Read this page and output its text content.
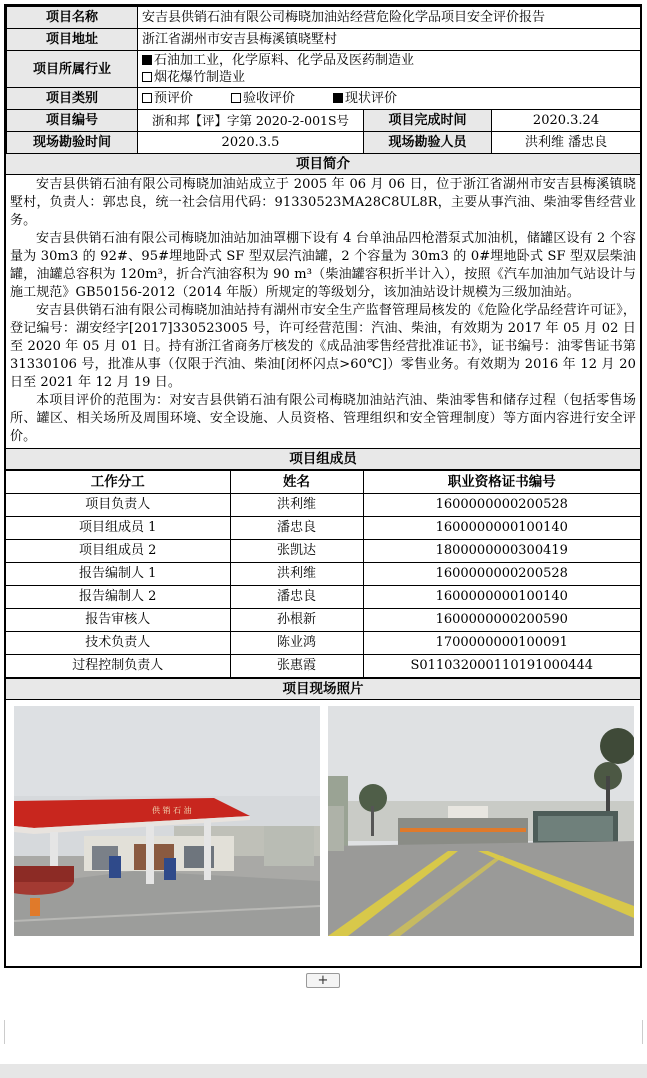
项目名称	安吉县供销石油有限公司梅晓加油站经营危险化学品项目安全评价报告		
项目地址	浙江省湖州市安吉县梅溪镇晓墅村		
项目所属行业	石油加工业，化学原料、化学品及医药制造业
烟花爆竹制造业		

项目类别	预评价 验收评价 现状评价		
项目编号	浙和邦【评】字第 2020-2-001S号	项目完成时间	2020.3.24
现场勘验时间	2020.3.5	现场勘验人员	洪利维 潘忠良
项目简介

安吉县供销石油有限公司梅晓加油站成立于 2005 年 06 月 06 日，位于浙江省湖州市安吉县梅溪镇晓墅村，负责人：郭忠良，统一社会信用代码：91330523MA28C8UL8R，主要从事汽油、柴油零售经营业务。

安吉县供销石油有限公司梅晓加油站加油罩棚下设有 4 台单油品四枪潜泵式加油机，储罐区设有 2 个容量为 30m3 的 92#、95#埋地卧式 SF 型双层汽油罐，2 个容量为 30m3 的 0#埋地卧式 SF 型双层柴油罐，油罐总容积为 120m³，折合汽油容积为 90 m³（柴油罐容积折半计入），按照《汽车加油加气站设计与施工规范》GB50156-2012（2014 年版）所规定的等级划分，该加油站设计规模为三级加油站。

安吉县供销石油有限公司梅晓加油站持有湖州市安全生产监督管理局核发的《危险化学品经营许可证》，登记编号：湖安经字[2017]330523005 号，许可经营范围：汽油、柴油，有效期为 2017 年 05 月 02 日至 2020 年 05 月 01 日。持有浙江省商务厅核发的《成品油零售经营批准证书》，证书编号：油零售证书第 31330106 号，批准从事（仅限于汽油、柴油[闭杯闪点>60℃]）零售业务。有效期为 2016 年 12 月 20 日至 2021 年 12 月 19 日。

本项目评价的范围为：对安吉县供销石油有限公司梅晓加油站汽油、柴油零售和储存过程（包括零售场所、罐区、相关场所及周围环境、安全设施、人员资格、管理组织和安全管理制度）等方面内容进行安全评价。

项目组成员
工作分工	姓名	职业资格证书编号
项目负责人	洪利维	1600000000200528
项目组成员 1	潘忠良	1600000000100140
项目组成员 2	张凯达	1800000000300419
报告编制人 1	洪利维	1600000000200528
报告编制人 2	潘忠良	1600000000100140
报告审核人	孙根新	1600000000200590
技术负责人	陈业鸿	1700000000100091
过程控制负责人	张惠霞	S011032000110191000444
项目现场照片
供 销 石 油
+
